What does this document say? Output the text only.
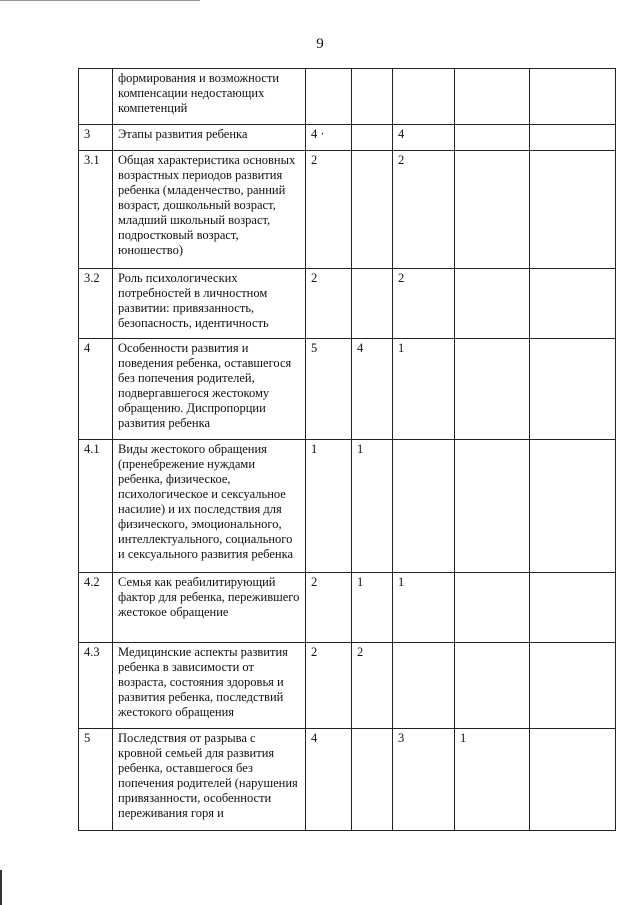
9
	формирования и возможности компенсации недостающих компетенций					
3	Этапы развития ребенка	4 ·		4		
3.1	Общая характеристика основных возрастных периодов развития ребенка (младенчество, ранний возраст, дошкольный возраст, младший школьный возраст, подростковый возраст, юношество)	2		2		
3.2	Роль психологических потребностей в личностном развитии: привязанность, безопасность, идентичность	2		2		
4	Особенности развития и поведения ребенка, оставшегося без попечения родителей, подвергавшегося жестокому обращению. Диспропорции развития ребенка	5	4	1		
4.1	Виды жестокого обращения (пренебрежение нуждами ребенка, физическое, психологическое и сексуальное насилие) и их последствия для физического, эмоционального, интеллектуального, социального и сексуального развития ребенка	1	1			
4.2	Семья как реабилитирующий фактор для ребенка, пережившего жестокое обращение	2	1	1		
4.3	Медицинские аспекты развития ребенка в зависимости от возраста, состояния здоровья и развития ребенка, последствий жестокого обращения	2	2			
5	Последствия от разрыва с кровной семьей для развития ребенка, оставшегося без попечения родителей (нарушения привязанности, особенности переживания горя и	4		3	1	
